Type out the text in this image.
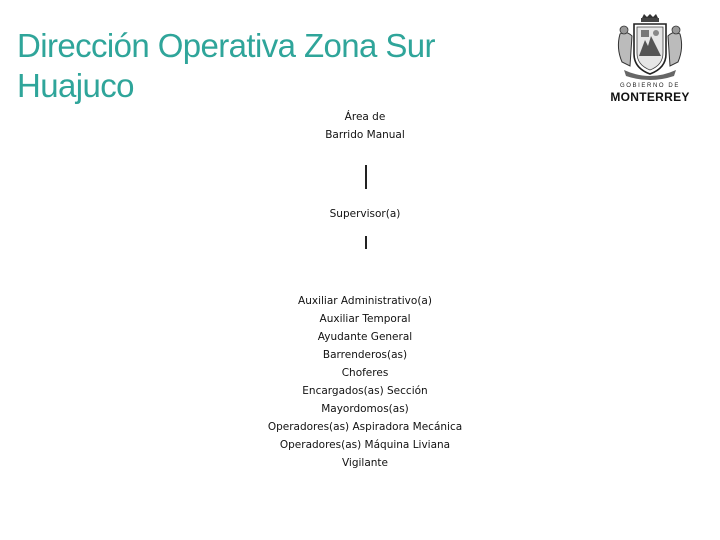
Dirección Operativa Zona Sur
Huajuco	GOBIERNO DE
MONTERREY
Área de
Barrido Manual
Supervisor(a)
Auxiliar Administrativo(a)
Auxiliar Temporal
Ayudante General
Barrenderos(as)
Choferes
Encargados(as) Sección
Mayordomos(as)
Operadores(as) Aspiradora Mecánica
Operadores(as) Máquina Liviana
Vigilante
